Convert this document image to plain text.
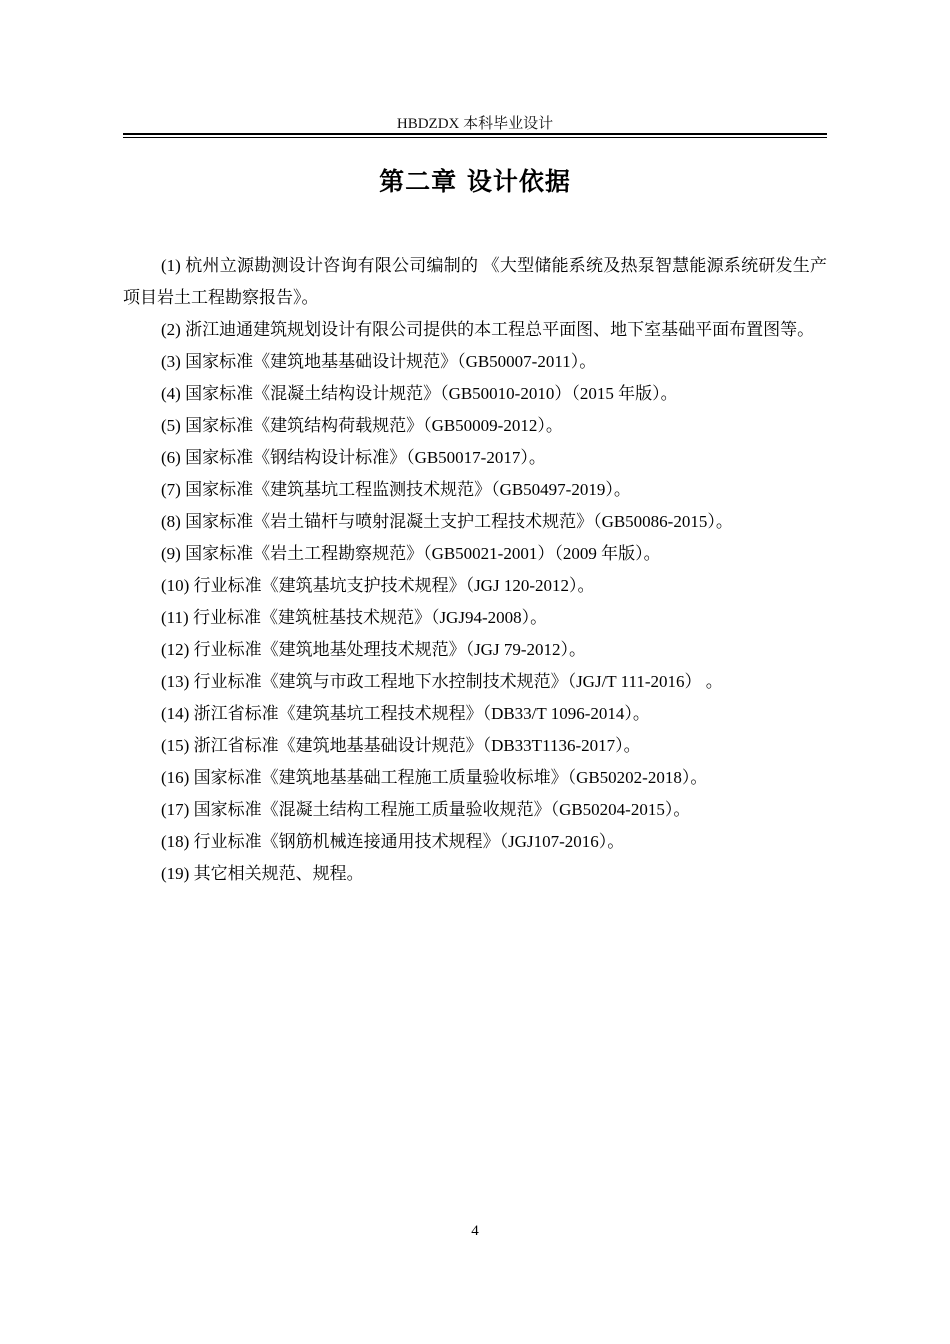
HBDZDX 本科毕业设计
第二章 设计依据
(1) 杭州立源勘测设计咨询有限公司编制的 《大型储能系统及热泵智慧能源系统研发生产项目岩土工程勘察报告》。
(2) 浙江迪通建筑规划设计有限公司提供的本工程总平面图、地下室基础平面布置图等。
(3) 国家标准《建筑地基基础设计规范》（GB50007-2011）。
(4) 国家标准《混凝土结构设计规范》（GB50010-2010）（2015 年版）。
(5) 国家标准《建筑结构荷载规范》（GB50009-2012）。
(6) 国家标准《钢结构设计标准》（GB50017-2017）。
(7) 国家标准《建筑基坑工程监测技术规范》（GB50497-2019）。
(8) 国家标准《岩土锚杆与喷射混凝土支护工程技术规范》（GB50086-2015）。
(9) 国家标准《岩土工程勘察规范》（GB50021-2001）（2009 年版）。
(10) 行业标准《建筑基坑支护技术规程》（JGJ 120-2012）。
(11) 行业标准《建筑桩基技术规范》（JGJ94-2008）。
(12) 行业标准《建筑地基处理技术规范》（JGJ 79-2012）。
(13) 行业标准《建筑与市政工程地下水控制技术规范》（JGJ/T 111-2016） 。
(14) 浙江省标准《建筑基坑工程技术规程》（DB33/T 1096-2014）。
(15) 浙江省标准《建筑地基基础设计规范》（DB33T1136-2017）。
(16) 国家标准《建筑地基基础工程施工质量验收标堆》（GB50202-2018）。
(17) 国家标准《混凝土结构工程施工质量验收规范》（GB50204-2015）。
(18) 行业标准《钢筋机械连接通用技术规程》（JGJ107-2016）。
(19) 其它相关规范、规程。
4
